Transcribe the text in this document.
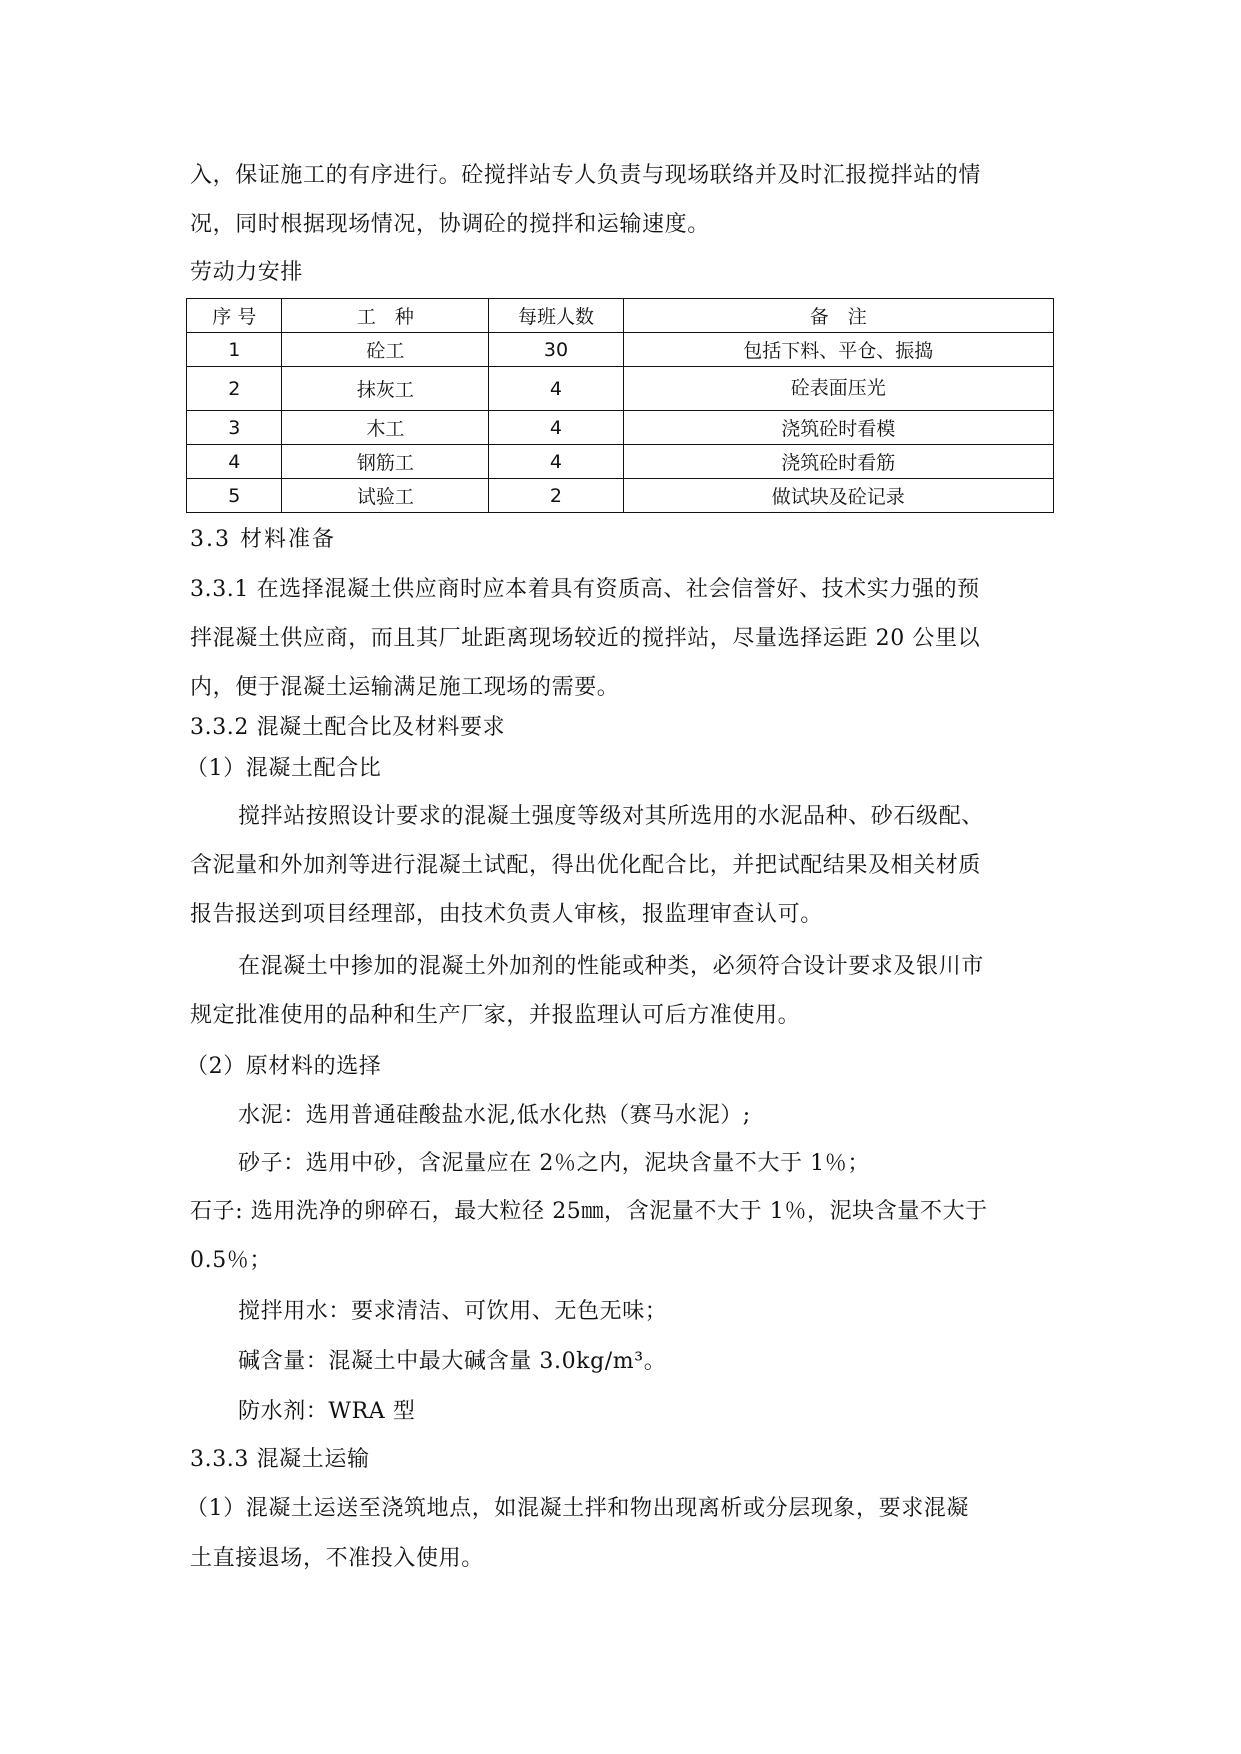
入，保证施工的有序进行。砼搅拌站专人负责与现场联络并及时汇报搅拌站的情
况，同时根据现场情况，协调砼的搅拌和运输速度。
劳动力安排
序 号	工　种	每班人数	备　注
1	砼工	30	包括下料、平仓、振捣
2	抹灰工	4	砼表面压光
3	木工	4	浇筑砼时看模
4	钢筋工	4	浇筑砼时看筋
5	试验工	2	做试块及砼记录
3.3 材料准备
3.3.1 在选择混凝土供应商时应本着具有资质高、社会信誉好、技术实力强的预
拌混凝土供应商，而且其厂址距离现场较近的搅拌站，尽量选择运距 20 公里以
内，便于混凝土运输满足施工现场的需要。
3.3.2 混凝土配合比及材料要求
（1）混凝土配合比
搅拌站按照设计要求的混凝土强度等级对其所选用的水泥品种、砂石级配、
含泥量和外加剂等进行混凝土试配，得出优化配合比，并把试配结果及相关材质
报告报送到项目经理部，由技术负责人审核，报监理审查认可。
在混凝土中掺加的混凝土外加剂的性能或种类，必须符合设计要求及银川市
规定批准使用的品种和生产厂家，并报监理认可后方准使用。
（2）原材料的选择
水泥：选用普通硅酸盐水泥,低水化热（赛马水泥）;
砂子：选用中砂，含泥量应在 2％之内，泥块含量不大于 1％；
石子: 选用洗净的卵碎石，最大粒径 25㎜，含泥量不大于 1％，泥块含量不大于
0.5％；
搅拌用水：要求清洁、可饮用、无色无味；
碱含量：混凝土中最大碱含量 3.0kg/m³。
防水剂：WRA 型
3.3.3 混凝土运输
（1）混凝土运送至浇筑地点，如混凝土拌和物出现离析或分层现象，要求混凝
土直接退场，不准投入使用。
